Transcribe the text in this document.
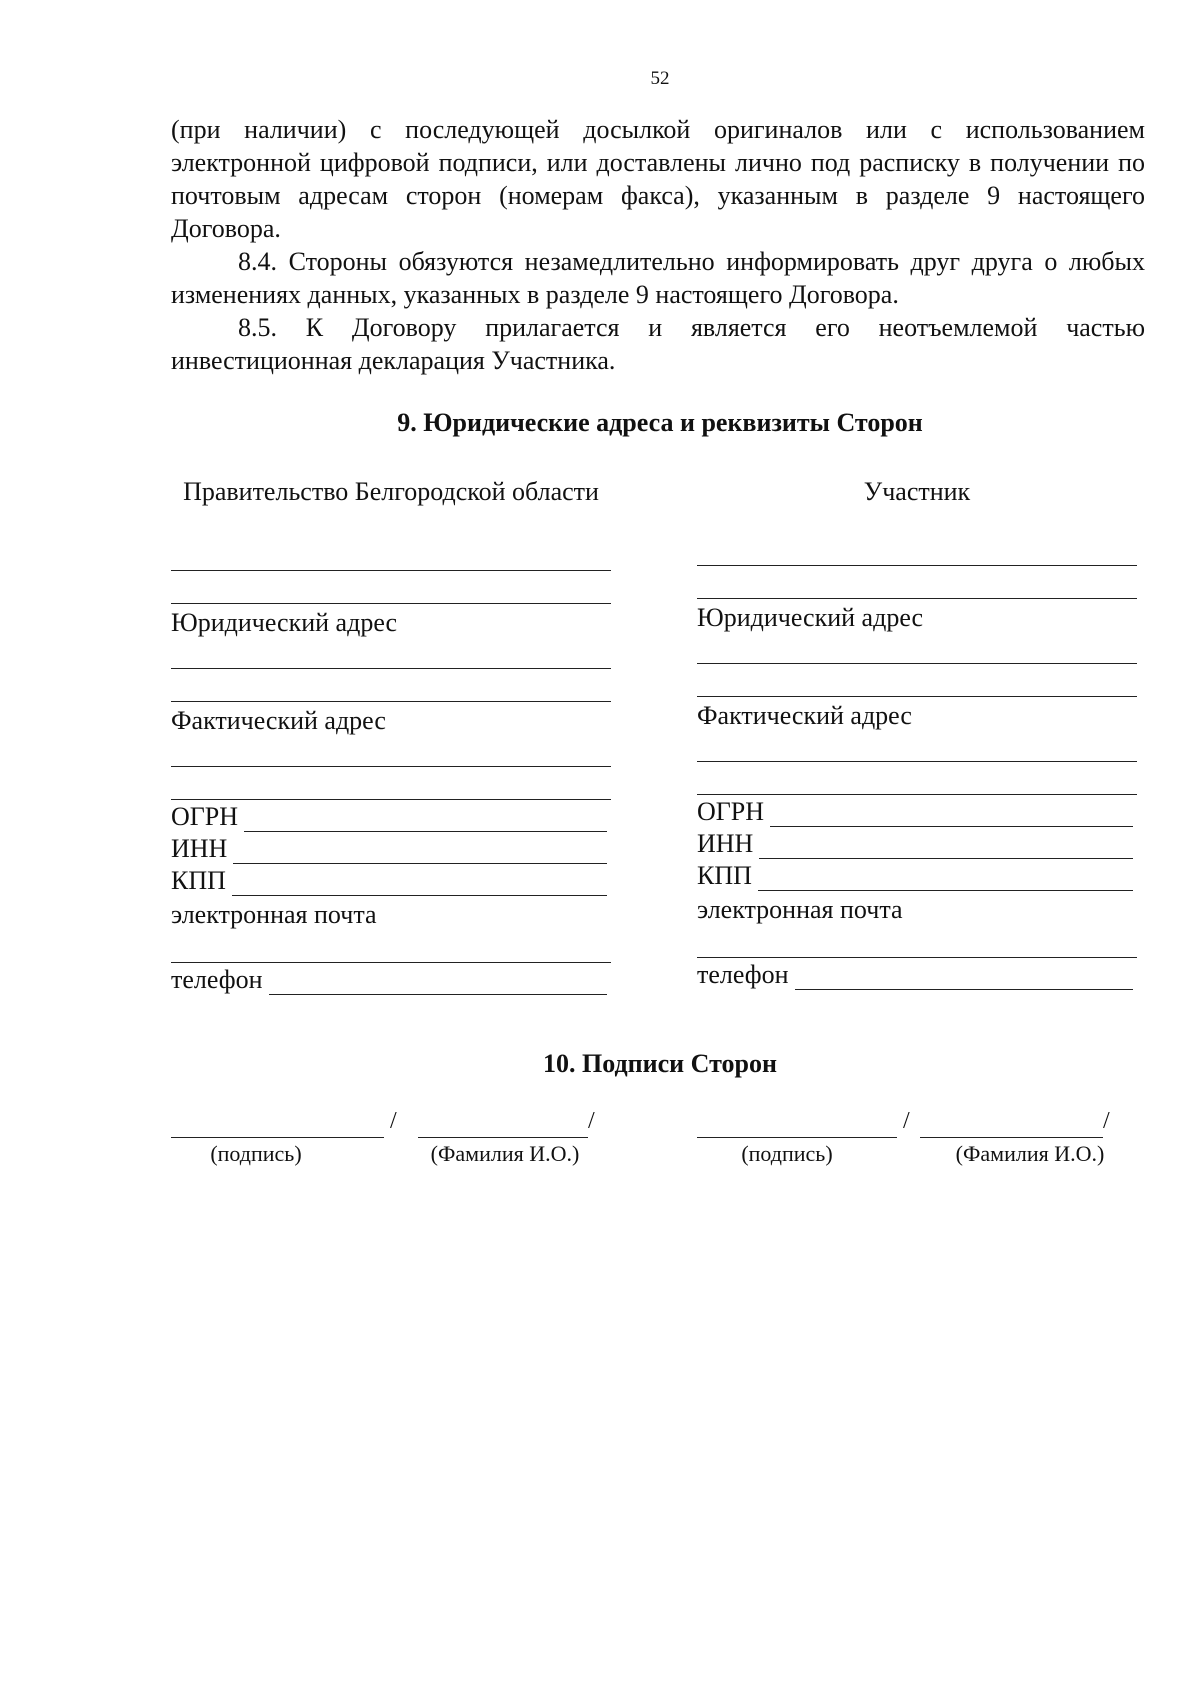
52

(при наличии) с последующей досылкой оригиналов или с использованием электронной цифровой подписи, или доставлены лично под расписку в получении по почтовым адресам сторон (номерам факса), указанным в разделе 9 настоящего Договора.

8.4. Стороны обязуются незамедлительно информировать друг друга о любых изменениях данных, указанных в разделе 9 настоящего Договора.

8.5. К Договору прилагается и является его неотъемлемой частью инвестиционная декларация Участника.

9. Юридические адреса и реквизиты Сторон
Правительство Белгородской области
Юридический адрес
Фактический адрес
ОГРН
ИНН
КПП
электронная почта
телефон
Участник
Юридический адрес
Фактический адрес
ОГРН
ИНН
КПП
электронная почта
телефон
10. Подписи Сторон
/	/
(подпись)	(Фамилия И.О.)
/	/
(подпись)	(Фамилия И.О.)
